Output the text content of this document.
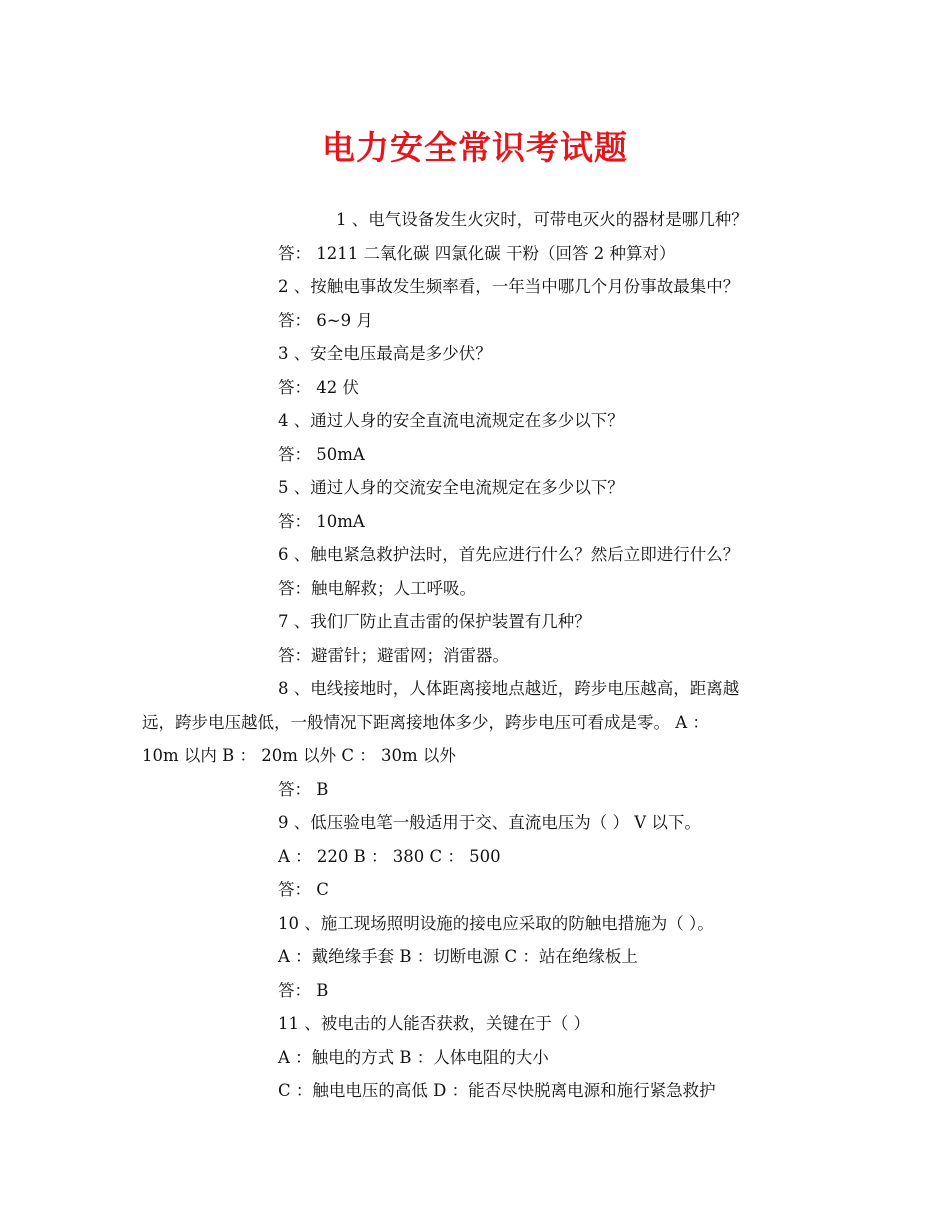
电力安全常识考试题
1 、电气设备发生火灾时，可带电灭火的器材是哪几种？
答： 1211 二氧化碳 四氯化碳 干粉（回答 2 种算对）
2 、按触电事故发生频率看，一年当中哪几个月份事故最集中？
答： 6~9 月
3 、安全电压最高是多少伏？
答： 42 伏
4 、通过人身的安全直流电流规定在多少以下？
答： 50mA
5 、通过人身的交流安全电流规定在多少以下？
答： 10mA
6 、触电紧急救护法时，首先应进行什么？然后立即进行什么？
答：触电解救；人工呼吸。
7 、我们厂防止直击雷的保护装置有几种？
答：避雷针；避雷网；消雷器。
8 、电线接地时，人体距离接地点越近，跨步电压越高，距离越
远，跨步电压越低，一般情况下距离接地体多少，跨步电压可看成是零。 A ：
10m 以内 B ： 20m 以外 C ： 30m 以外
答： B
9 、低压验电笔一般适用于交、直流电压为（ ） V 以下。
A ： 220 B ： 380 C ： 500
答： C
10 、施工现场照明设施的接电应采取的防触电措施为（ ）。
A ：戴绝缘手套 B ：切断电源 C ：站在绝缘板上
答： B
11 、被电击的人能否获救，关键在于（ ）
A ：触电的方式 B ：人体电阻的大小
C ：触电电压的高低 D ：能否尽快脱离电源和施行紧急救护
